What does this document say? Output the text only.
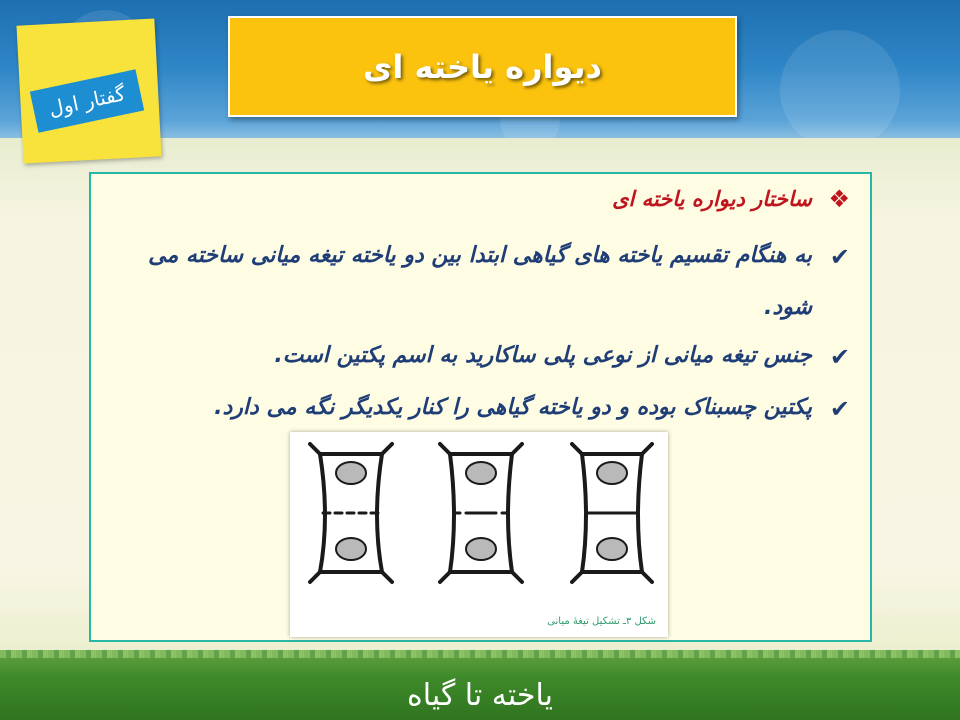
گفتار اول
دیواره یاخته ای
❖
ساختار دیواره یاخته ای
✔
به هنگام تقسیم یاخته های گیاهی ابتدا بین دو یاخته تیغه میانی ساخته می شود.
✔
جنس تیغه میانی از نوعی پلی ساکارید به اسم پکتین است.
✔
پکتین چسبناک بوده و دو یاخته گیاهی را کنار یکدیگر نگه می دارد.
شکل ۳ـ تشکیل تیغهٔ میانی
یاخته تا گیاه
